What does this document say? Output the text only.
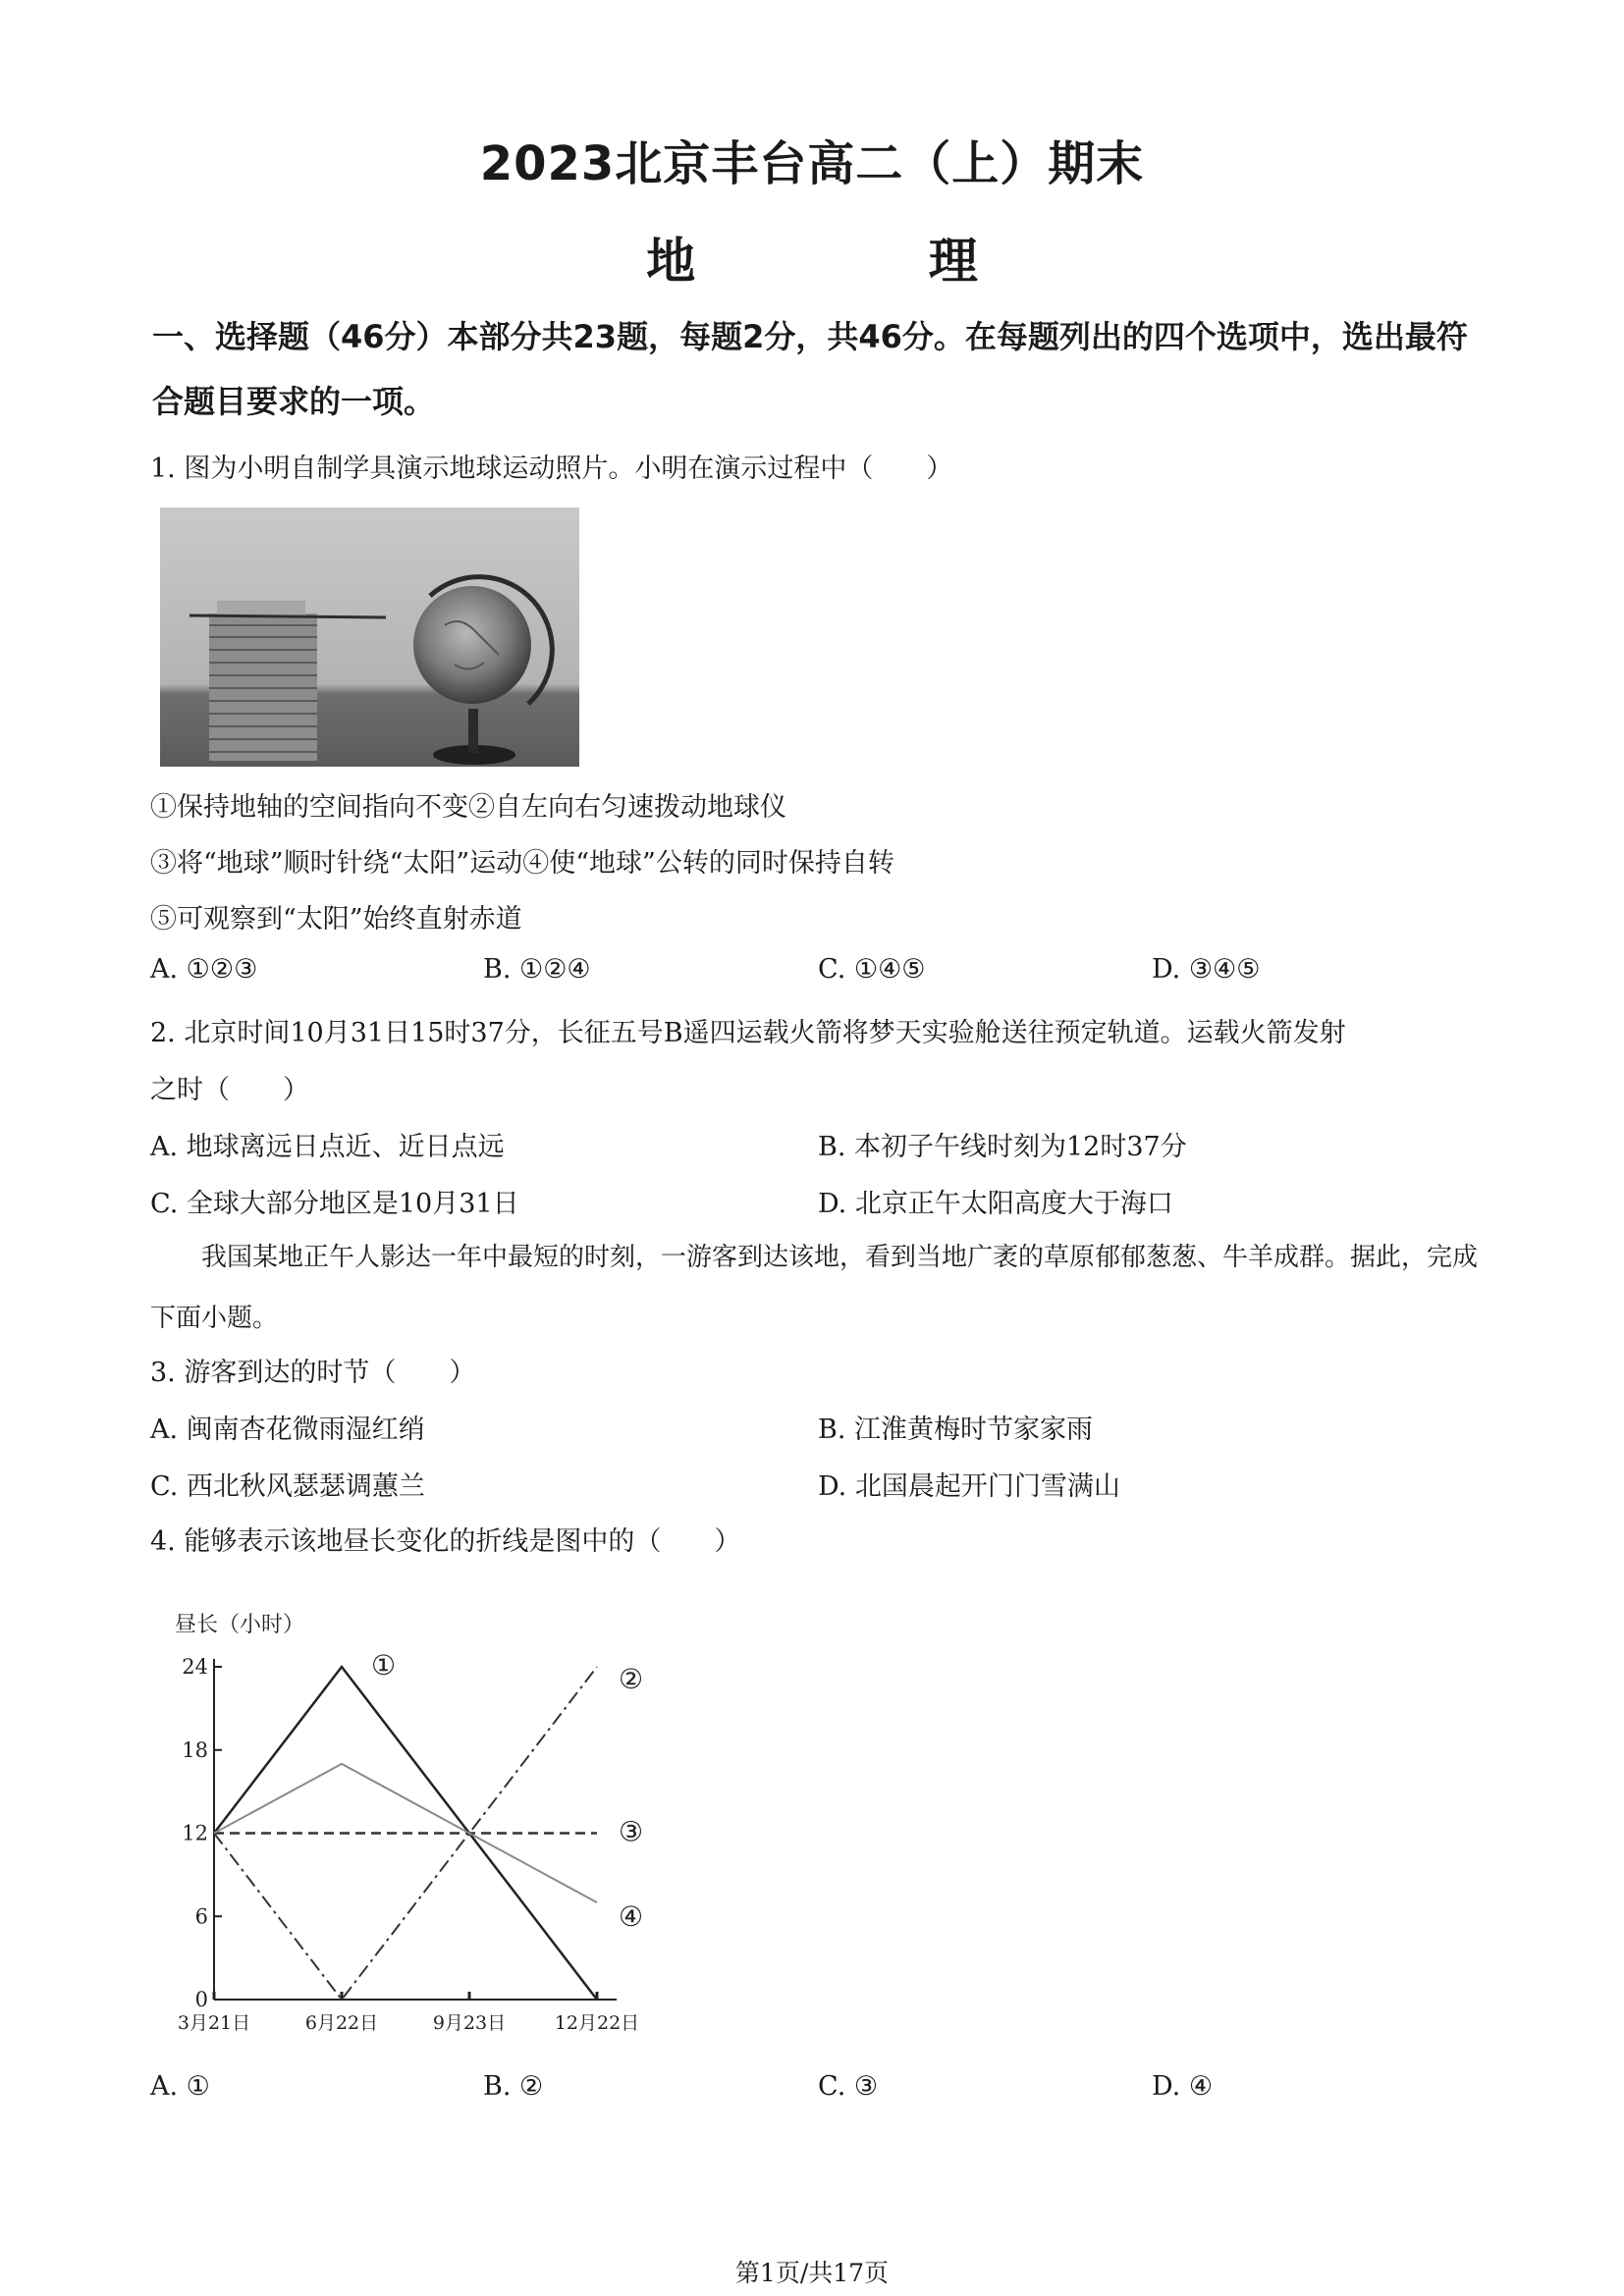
2023北京丰台高二（上）期末
地 理
一、选择题（46分）本部分共23题，每题2分，共46分。在每题列出的四个选项中，选出最符合题目要求的一项。
1. 图为小明自制学具演示地球运动照片。小明在演示过程中（　　）
①保持地轴的空间指向不变②自左向右匀速拨动地球仪
③将“地球”顺时针绕“太阳”运动④使“地球”公转的同时保持自转
⑤可观察到“太阳”始终直射赤道
A. ①②③	B. ①②④	C. ①④⑤	D. ③④⑤
2. 北京时间10月31日15时37分，长征五号B遥四运载火箭将梦天实验舱送往预定轨道。运载火箭发射
之时（　　）
A. 地球离远日点近、近日点远	B. 本初子午线时刻为12时37分
C. 全球大部分地区是10月31日	D. 北京正午太阳高度大于海口
我国某地正午人影达一年中最短的时刻，一游客到达该地，看到当地广袤的草原郁郁葱葱、牛羊成群。据此，完成下面小题。
3. 游客到达的时节（　　）
A. 闽南杏花微雨湿红绡	B. 江淮黄梅时节家家雨
C. 西北秋风瑟瑟调蕙兰	D. 北国晨起开门门雪满山
4. 能够表示该地昼长变化的折线是图中的（　　）
昼长（小时）
0
6
12
18
24
3月21日	6月22日	9月23日	12月22日
①	②
③
④
A. ①	B. ②	C. ③	D. ④
第1页/共17页
